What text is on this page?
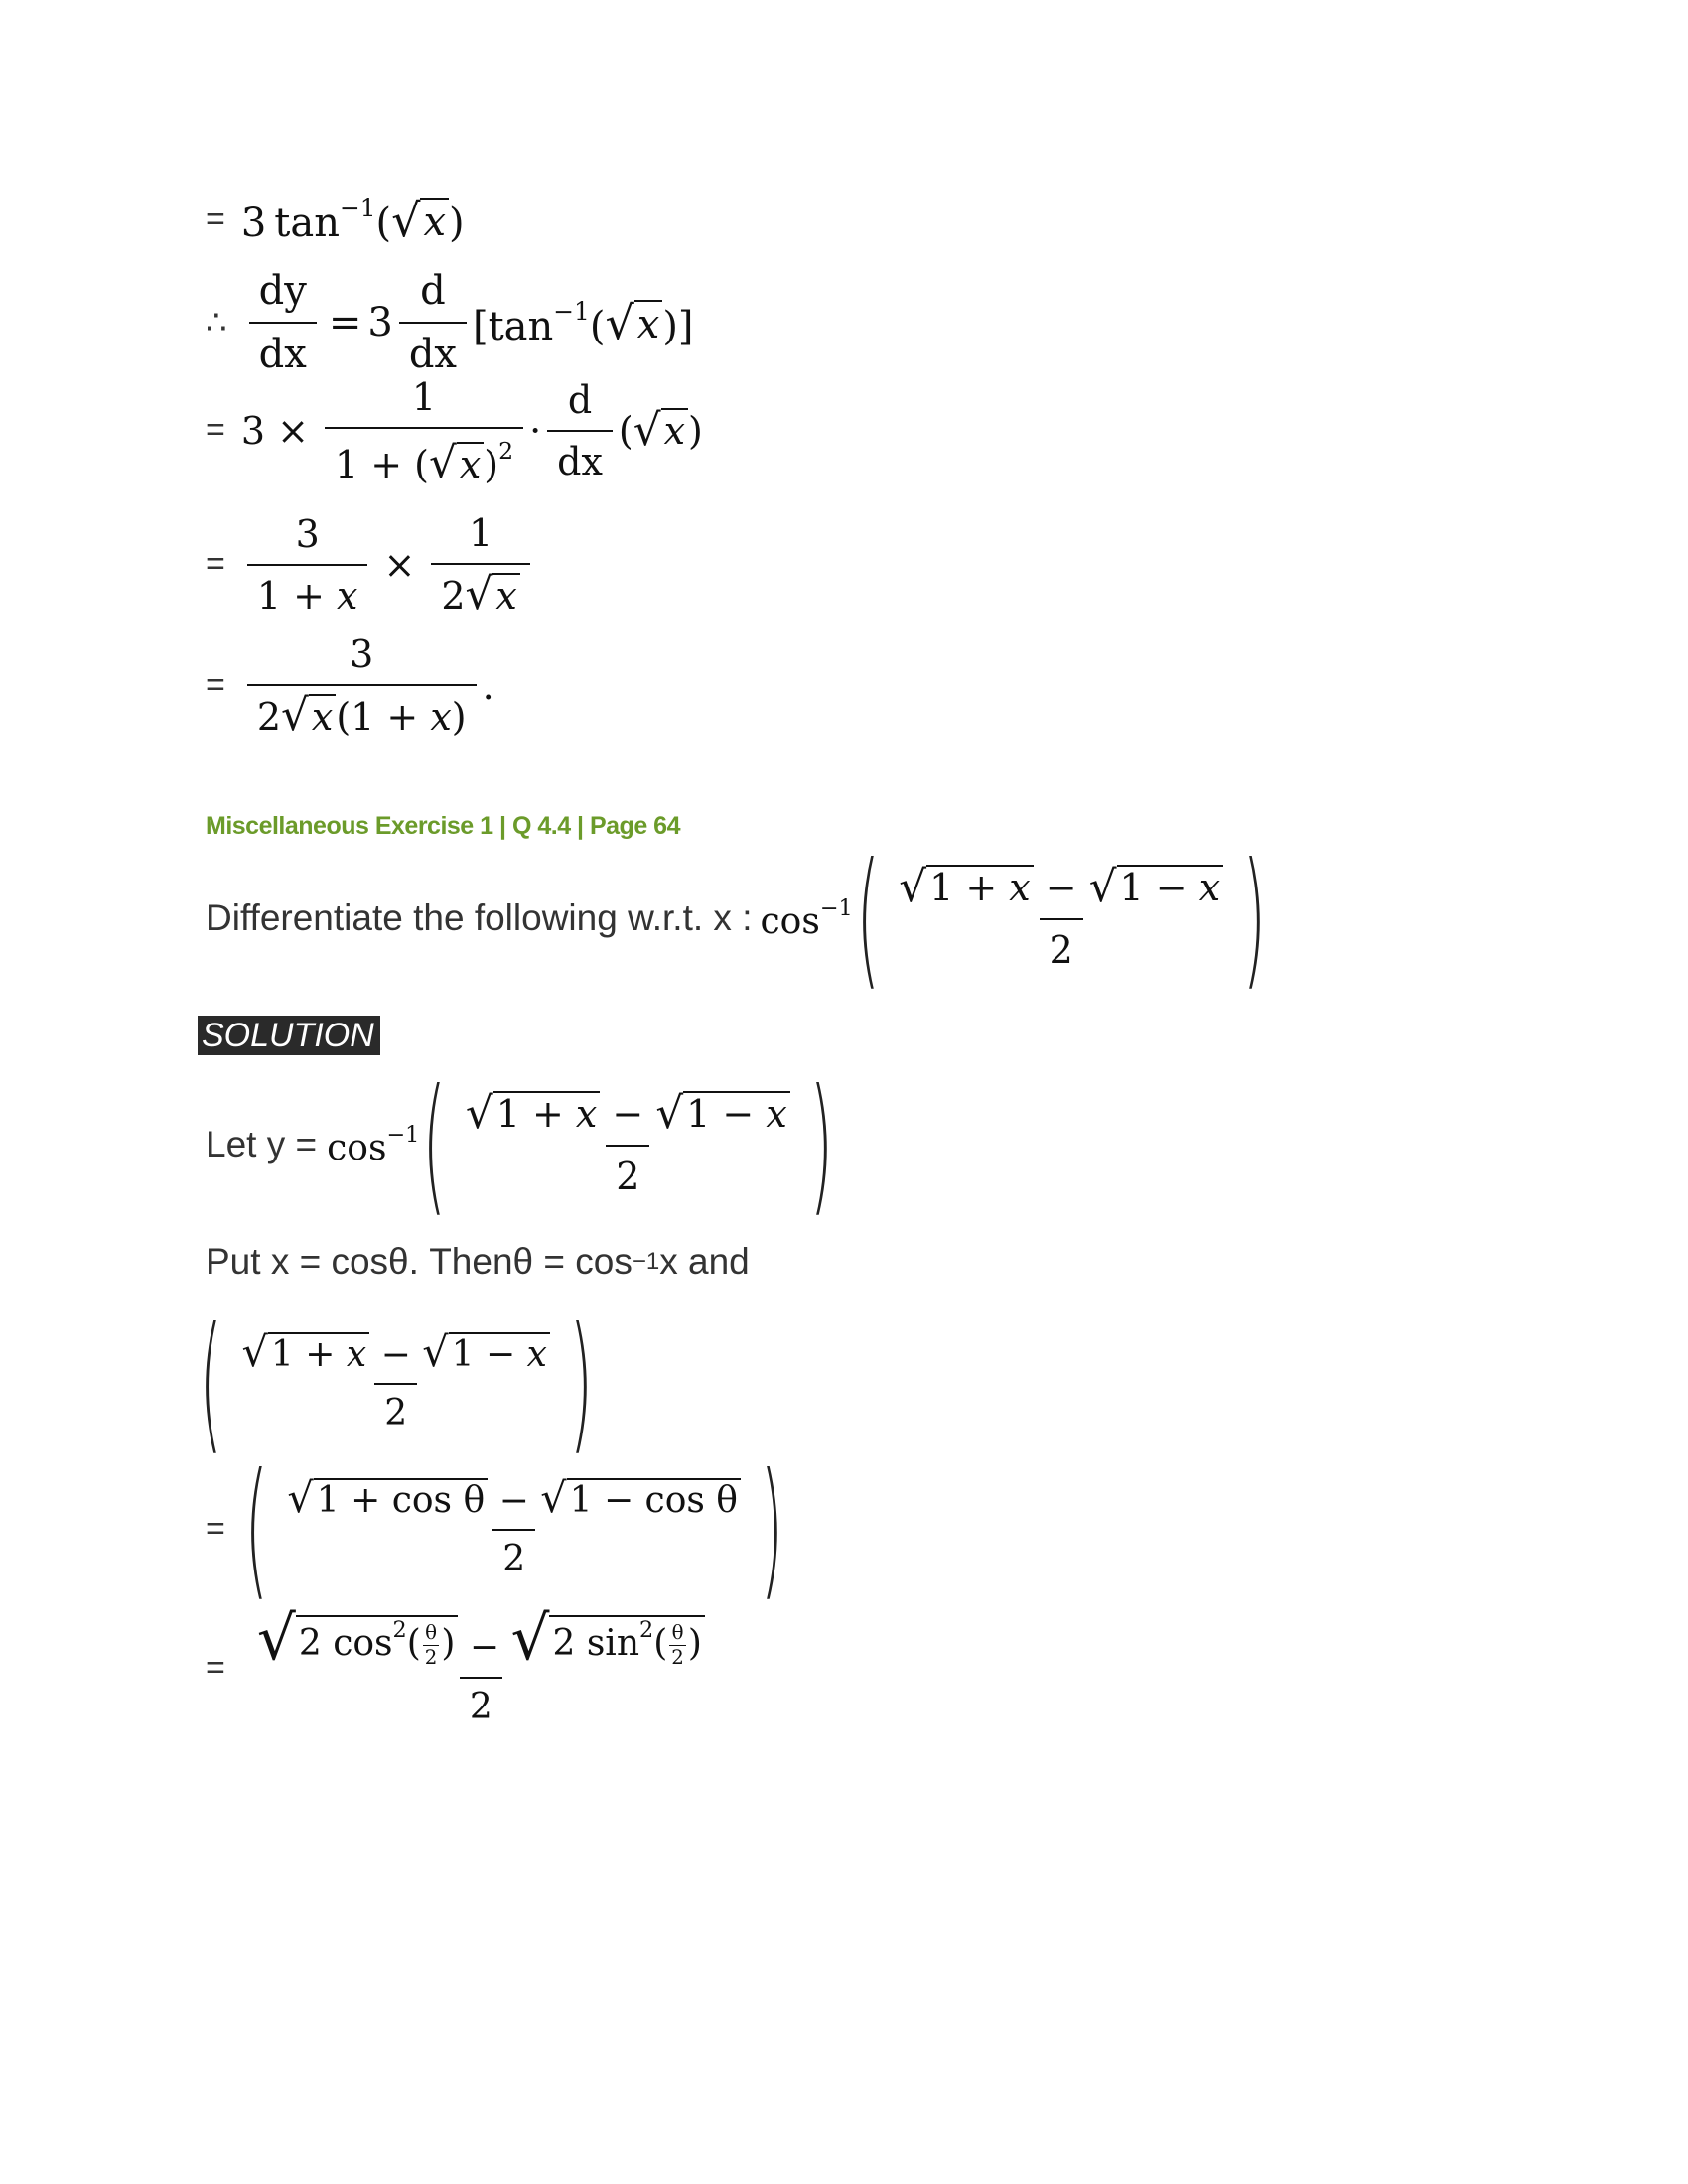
= 3 $\tan^{-1}$( √ x )
∴ $\frac{dy}{dx} = 3 \frac{d}{dx} [\tan^{-1}$( √ x )]
= $3 \times \frac{1}{1 + ( √ x )^2} \cdot \frac{d}{dx}$ ( √ x )
= $\frac{3}{1 + x} \times \frac{1}{2 √ x}$
= $\frac{3}{2 √ x (1 + x)}$ .
Miscellaneous Exercise 1 | Q 4.4 | Page 64
Differentiate the following w.r.t. x : $\cos^{-1}$ ( $\frac{√ 1 + x - √ 1 - x}{2}$ )
SOLUTION
Let $y = \cos^{-1}$ ( $\frac{√ 1 + x - √ 1 - x}{2}$ )
Put x = cosθ. Thenθ = cos −1 x and
( $\frac{√ 1 + x - √ 1 - x}{2}$ )
= ( $\frac{\text{√ 1 + cos θ − √ 1 − cos θ}}{2}$ )
= $\frac{√ 2 \cos^2( \frac{\theta}{2} ) - √ 2 \sin^2( \frac{\theta}{2} )}{2}$
